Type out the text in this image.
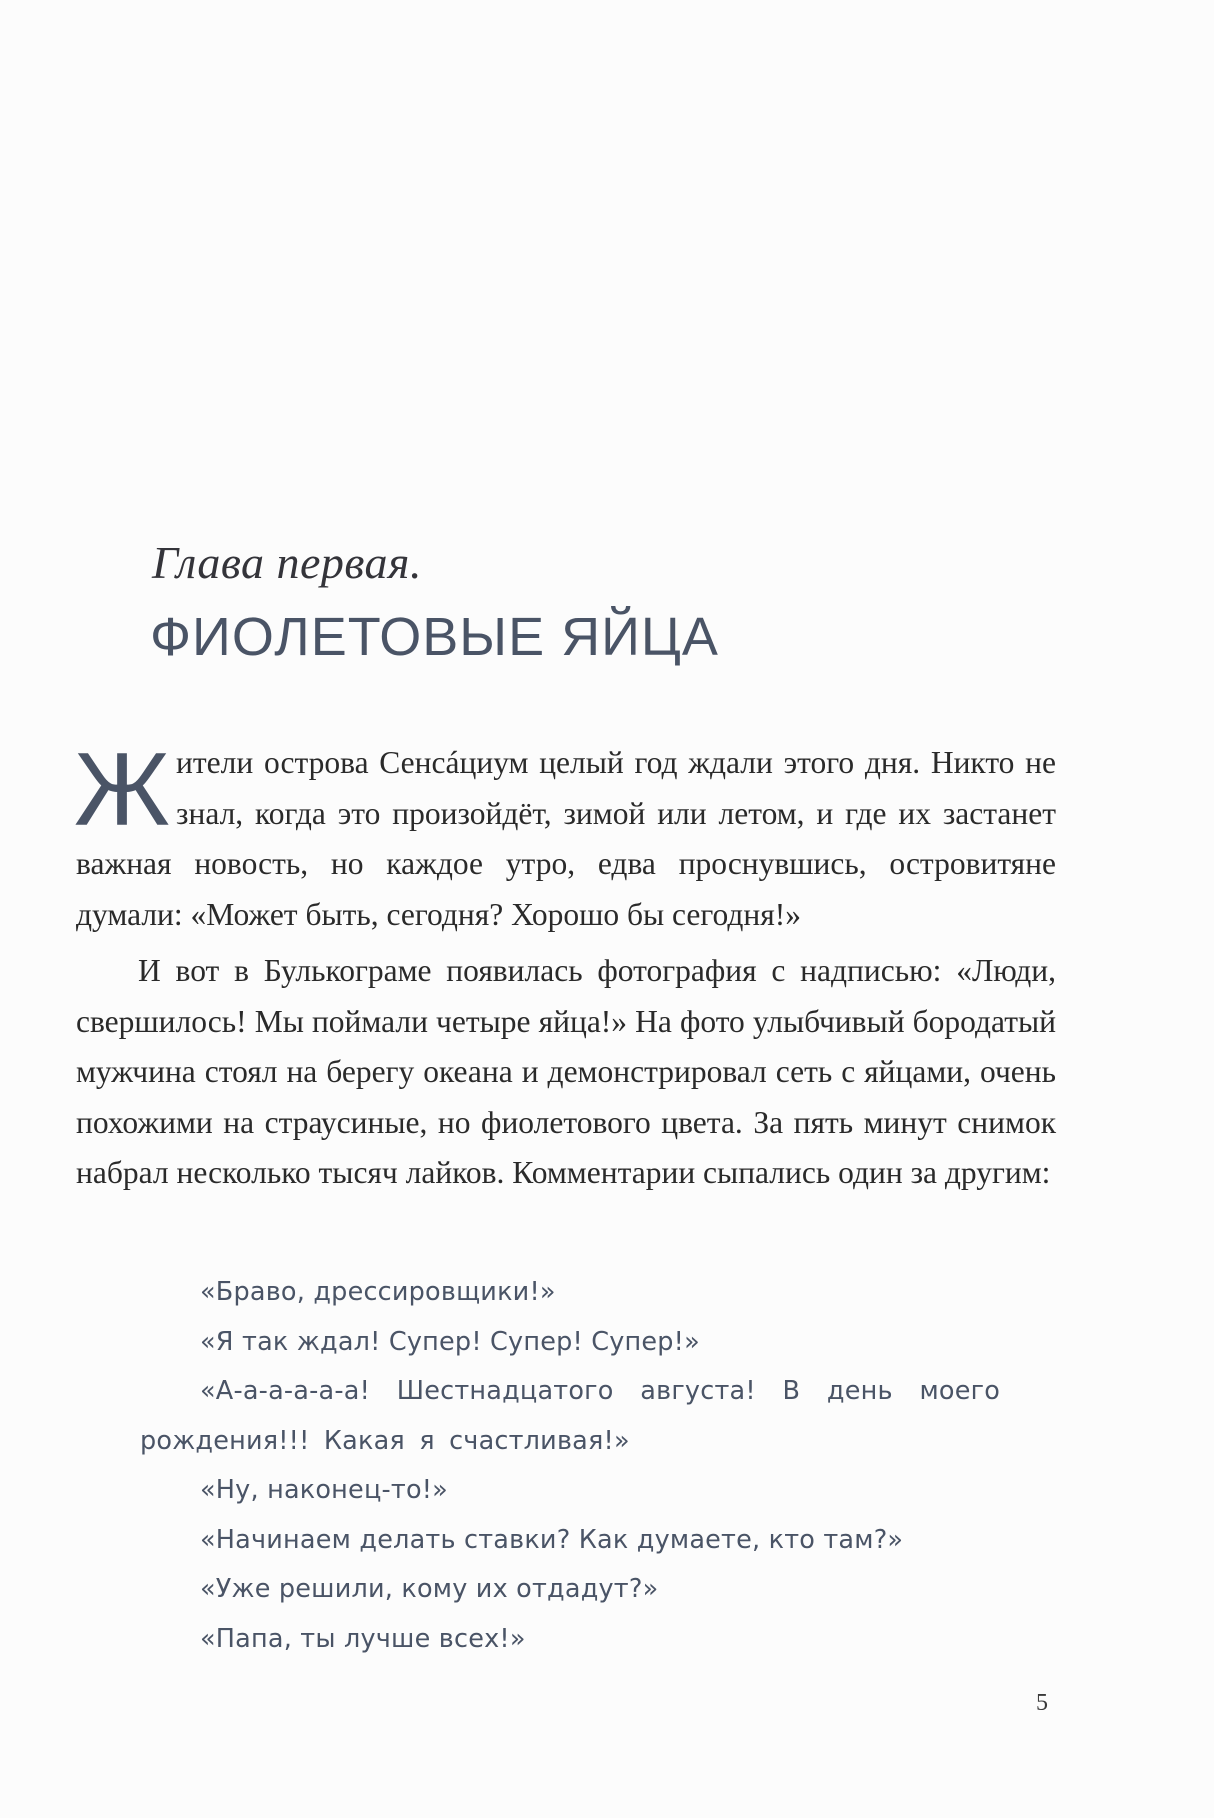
Глава первая.
ФИОЛЕТОВЫЕ ЯЙЦА

Жители острова Сенсáциум целый год ждали этого дня. Никто не знал, когда это произойдёт, зимой или летом, и где их застанет важная новость, но каждое утро, едва проснувшись, островитяне думали: «Может быть, сегодня? Хорошо бы сегодня!»

И вот в Булькограме появилась фотография с надписью: «Люди, свершилось! Мы поймали четыре яйца!» На фото улыбчивый бородатый мужчина стоял на берегу океана и демонстрировал сеть с яйцами, очень похожими на страусиные, но фиолетового цвета. За пять минут снимок набрал несколько тысяч лайков. Комментарии сыпались один за другим:

«Браво, дрессировщики!»

«Я так ждал! Супер! Супер! Супер!»

«А-а-а-а-а-а! Шестнадцатого августа! В день моего рождения!!! Какая я счастливая!»

«Ну, наконец-то!»

«Начинаем делать ставки? Как думаете, кто там?»

«Уже решили, кому их отдадут?»

«Папа, ты лучше всех!»

5
